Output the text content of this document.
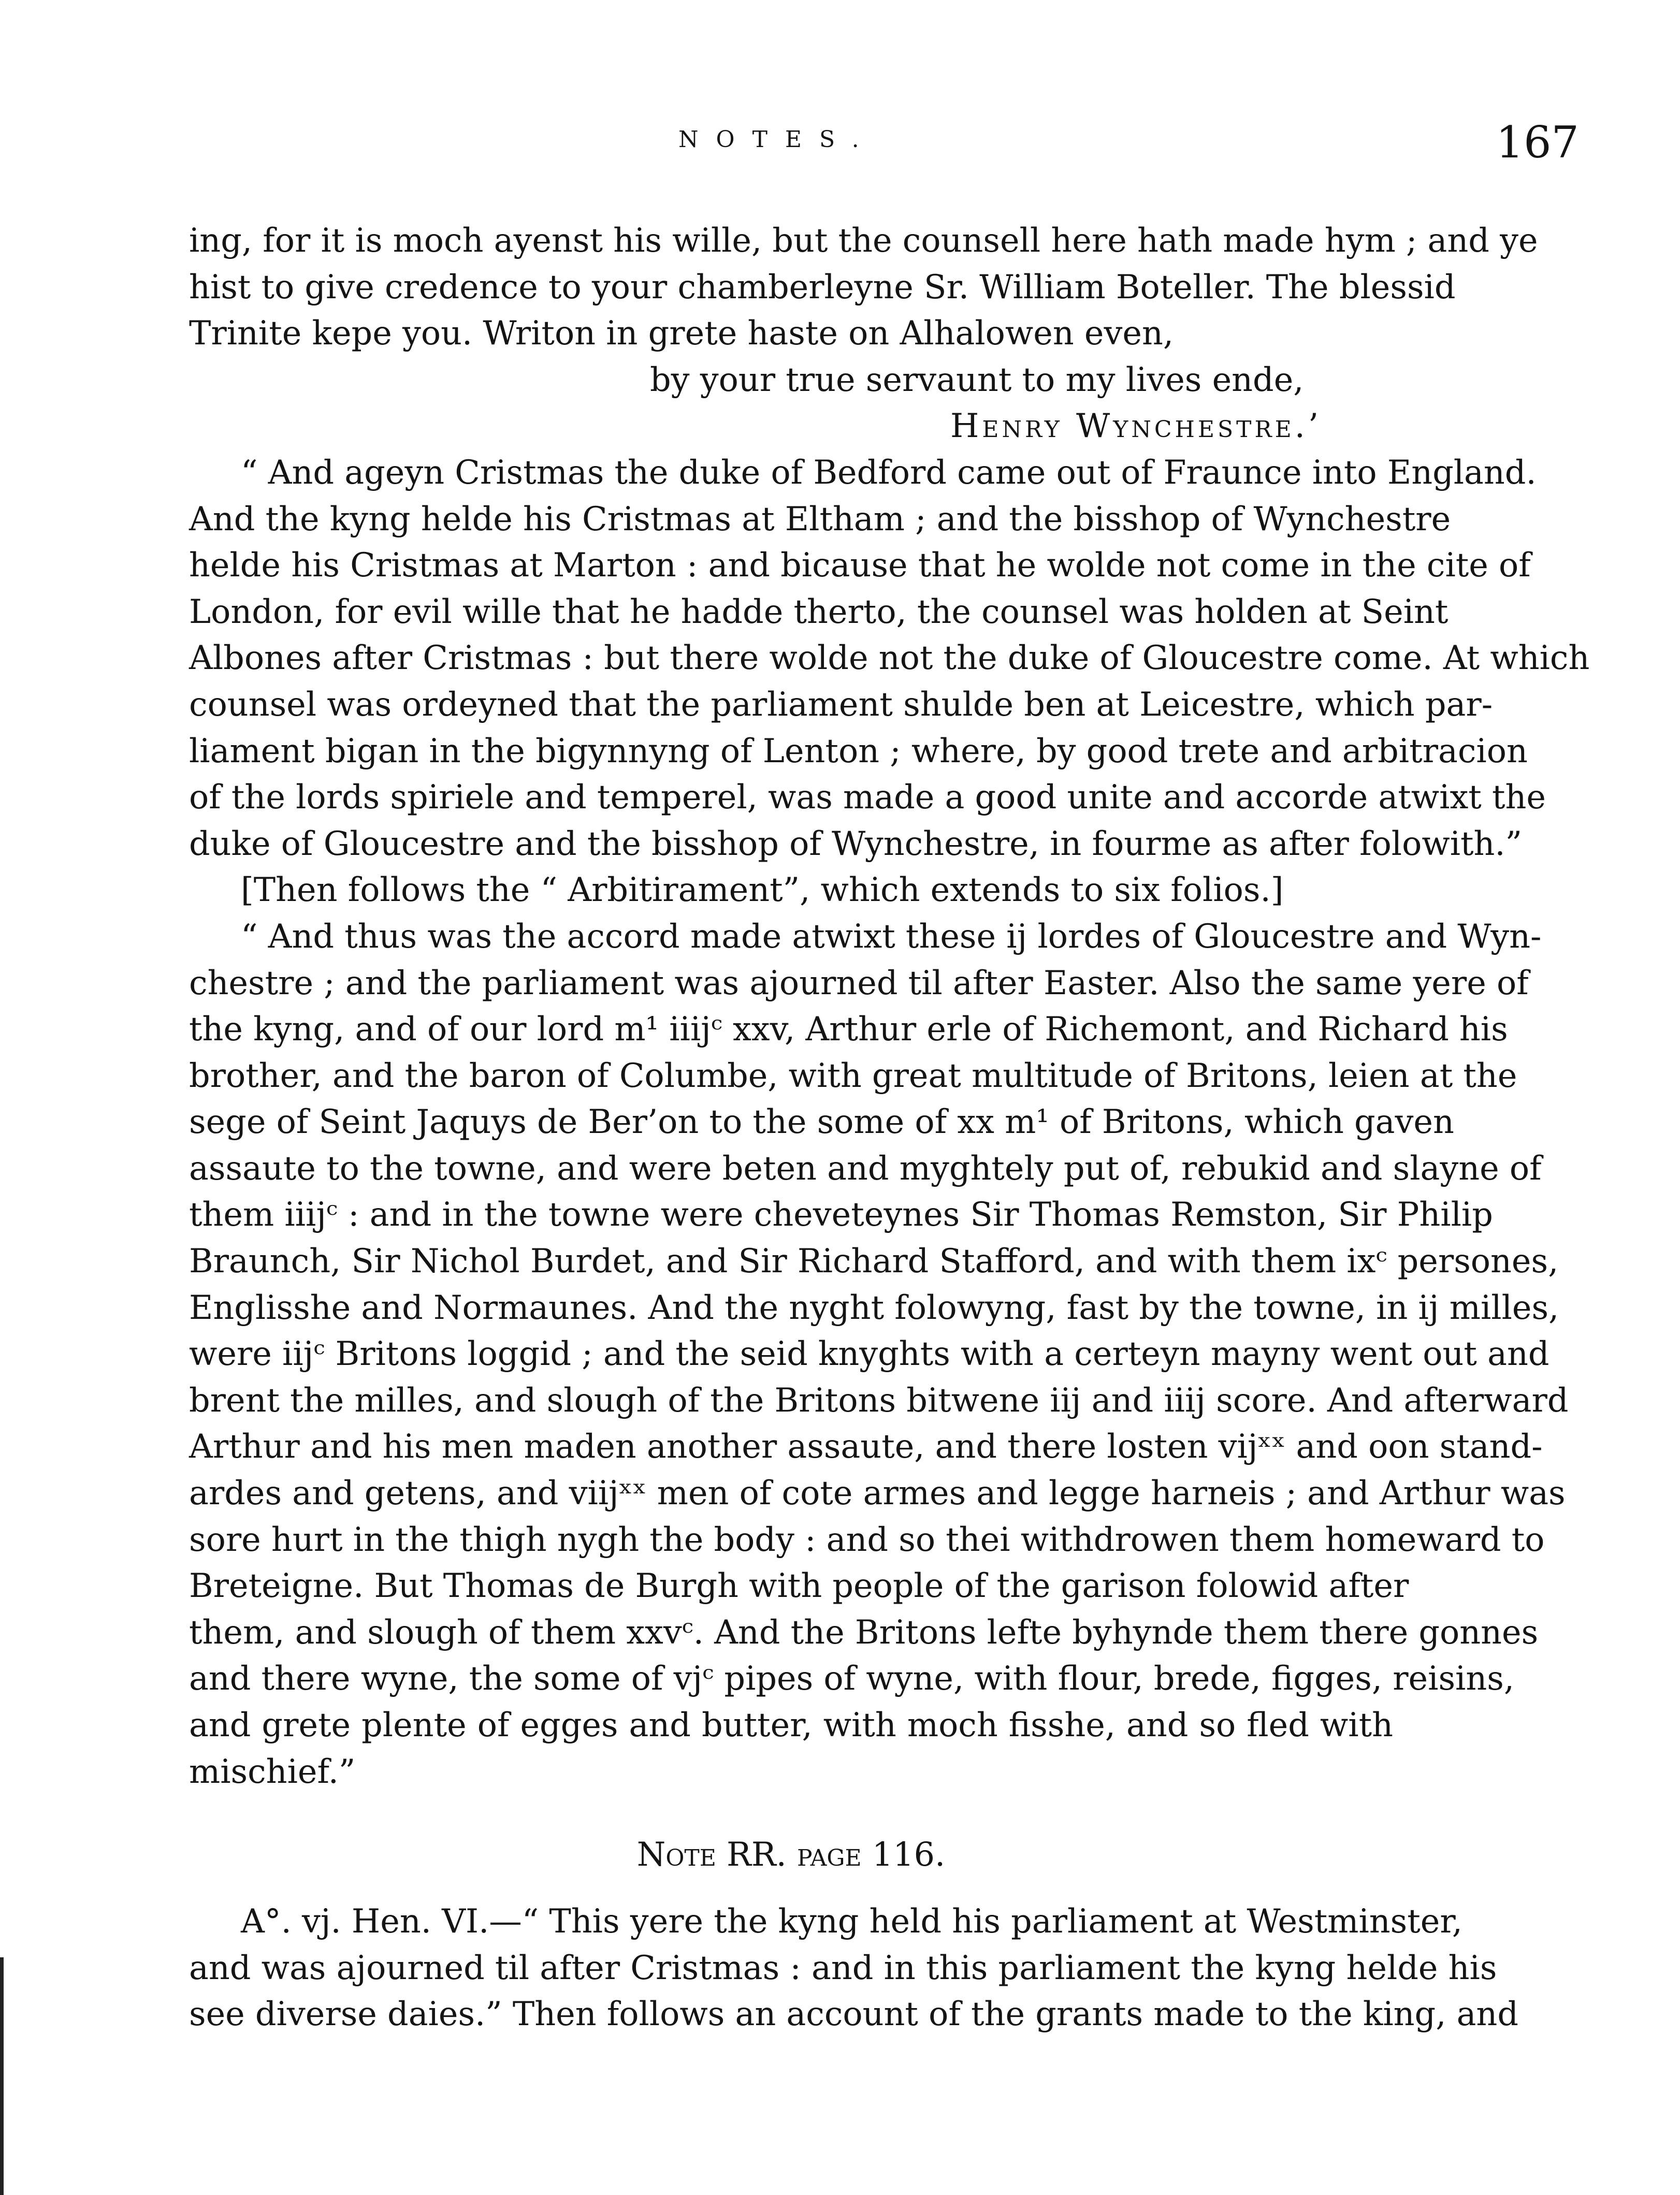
NOTES.	167
ing, for it is moch ayenst his wille, but the counsell here hath made hym ; and ye
hist to give credence to your chamberleyne Sr. William Boteller. The blessid
Trinite kepe you. Writon in grete haste on Alhalowen even,
by your true servaunt to my lives ende,
Henry Wynchestre.’
“ And ageyn Cristmas the duke of Bedford came out of Fraunce into England.
And the kyng helde his Cristmas at Eltham ; and the bisshop of Wynchestre
helde his Cristmas at Marton : and bicause that he wolde not come in the cite of
London, for evil wille that he hadde therto, the counsel was holden at Seint
Albones after Cristmas : but there wolde not the duke of Gloucestre come. At which
counsel was ordeyned that the parliament shulde ben at Leicestre, which par-
liament bigan in the bigynnyng of Lenton ; where, by good trete and arbitracion
of the lords spiriele and temperel, was made a good unite and accorde atwixt the
duke of Gloucestre and the bisshop of Wynchestre, in fourme as after folowith.”
[Then follows the “ Arbitirament”, which extends to six folios.]
“ And thus was the accord made atwixt these ij lordes of Gloucestre and Wyn-
chestre ; and the parliament was ajourned til after Easter. Also the same yere of
the kyng, and of our lord m¹ iiijᶜ xxv, Arthur erle of Richemont, and Richard his
brother, and the baron of Columbe, with great multitude of Britons, leien at the
sege of Seint Jaquys de Ber’on to the some of xx m¹ of Britons, which gaven
assaute to the towne, and were beten and myghtely put of, rebukid and slayne of
them iiijᶜ : and in the towne were cheveteynes Sir Thomas Remston, Sir Philip
Braunch, Sir Nichol Burdet, and Sir Richard Stafford, and with them ixᶜ persones,
Englisshe and Normaunes. And the nyght folowyng, fast by the towne, in ij milles,
were iijᶜ Britons loggid ; and the seid knyghts with a certeyn mayny went out and
brent the milles, and slough of the Britons bitwene iij and iiij score. And afterward
Arthur and his men maden another assaute, and there losten vijˣˣ and oon stand-
ardes and getens, and viijˣˣ men of cote armes and legge harneis ; and Arthur was
sore hurt in the thigh nygh the body : and so thei withdrowen them homeward to
Breteigne. But Thomas de Burgh with people of the garison folowid after
them, and slough of them xxvᶜ. And the Britons lefte byhynde them there gonnes
and there wyne, the some of vjᶜ pipes of wyne, with flour, brede, figges, reisins,
and grete plente of egges and butter, with moch fisshe, and so fled with
mischief.”
Note RR. page 116.
A°. vj. Hen. VI.—“ This yere the kyng held his parliament at Westminster,
and was ajourned til after Cristmas : and in this parliament the kyng helde his
see diverse daies.” Then follows an account of the grants made to the king, and
